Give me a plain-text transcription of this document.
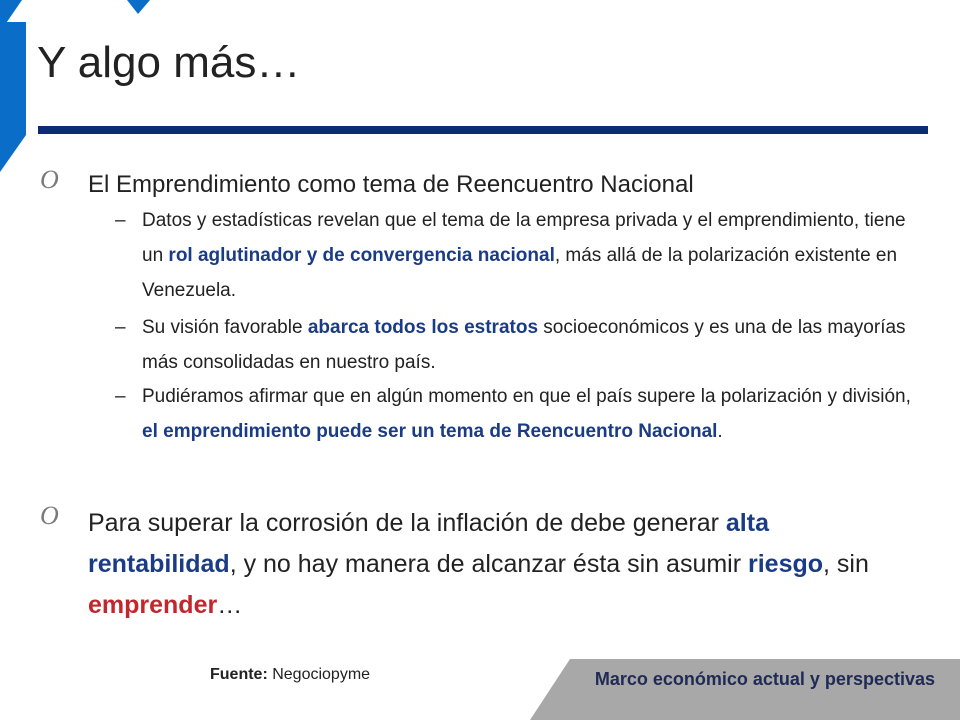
Y algo más…
O El Emprendimiento como tema de Reencuentro Nacional
– Datos y estadísticas revelan que el tema de la empresa privada y el emprendimiento, tiene un rol aglutinador y de convergencia nacional, más allá de la polarización existente en Venezuela.
– Su visión favorable abarca todos los estratos socioeconómicos y es una de las mayorías más consolidadas en nuestro país.
– Pudiéramos afirmar que en algún momento en que el país supere la polarización y división, el emprendimiento puede ser un tema de Reencuentro Nacional.
O Para superar la corrosión de la inflación de debe generar alta rentabilidad, y no hay manera de alcanzar ésta sin asumir riesgo, sin emprender…
Fuente: Negociopyme	Marco económico actual y perspectivas
